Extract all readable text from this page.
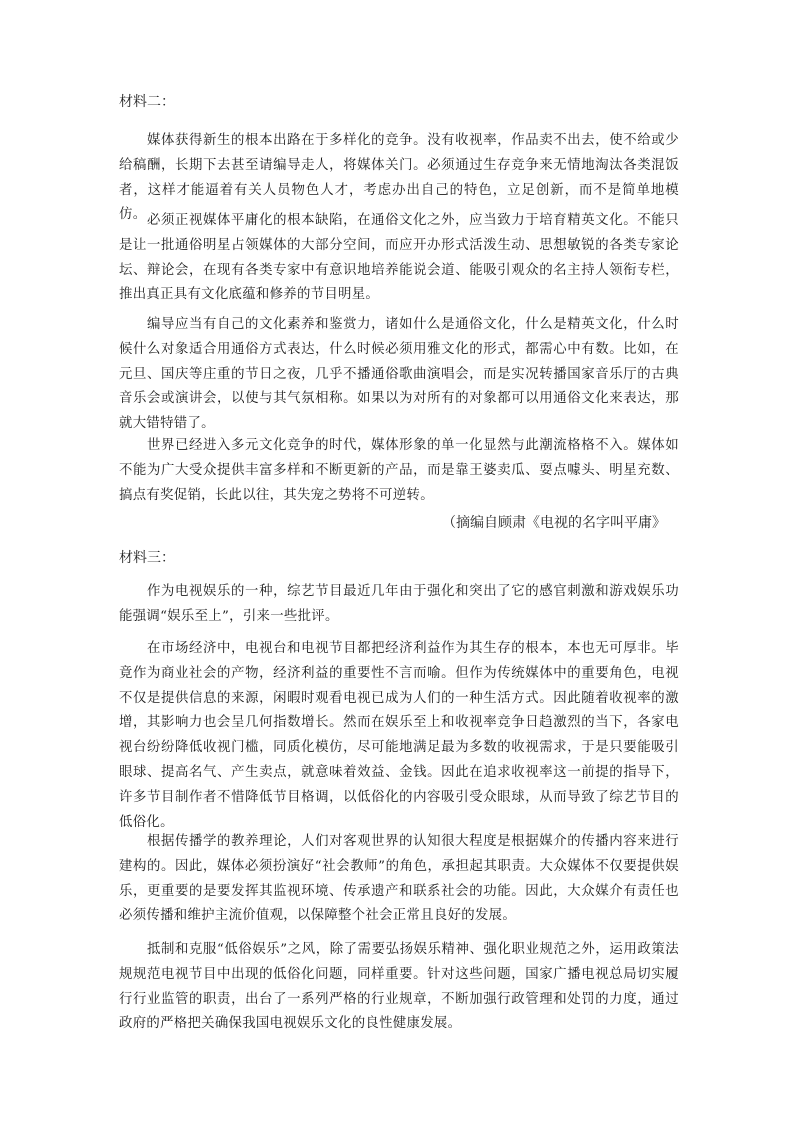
材料二：

媒体获得新生的根本出路在于多样化的竞争。没有收视率，作品卖不出去，使不给或少给稿酬，长期下去甚至请编导走人，将媒体关门。必须通过生存竞争来无情地淘汰各类混饭者，这样才能逼着有关人员物色人才，考虑办出自己的特色，立足创新，而不是简单地模仿。 必须正视媒体平庸化的根本缺陷，在通俗文化之外，应当致力于培育精英文化。不能只是让一批通俗明星占领媒体的大部分空间，而应开办形式活泼生动、思想敏锐的各类专家论坛、辩论会，在现有各类专家中有意识地培养能说会道、能吸引观众的名主持人领衔专栏，推出真正具有文化底蕴和修养的节目明星。

编导应当有自己的文化素养和鉴赏力，诸如什么是通俗文化，什么是精英文化，什么时候什么对象适合用通俗方式表达，什么时候必须用雅文化的形式，都需心中有数。比如，在元旦、国庆等庄重的节日之夜，几乎不播通俗歌曲演唱会，而是实况转播国家音乐厅的古典音乐会或演讲会，以使与其气氛相称。如果以为对所有的对象都可以用通俗文化来表达，那就大错特错了。

世界已经进入多元文化竞争的时代，媒体形象的单一化显然与此潮流格格不入。媒体如不能为广大受众提供丰富多样和不断更新的产品，而是靠王婆卖瓜、耍点噱头、明星充数、搞点有奖促销，长此以往，其失宠之势将不可逆转。

（摘编自顾肃《电视的名字叫平庸》
材料三：

作为电视娱乐的一种，综艺节目最近几年由于强化和突出了它的感官刺激和游戏娱乐功能强调“娱乐至上”，引来一些批评。

在市场经济中，电视台和电视节目都把经济利益作为其生存的根本，本也无可厚非。毕竟作为商业社会的产物，经济利益的重要性不言而喻。但作为传统媒体中的重要角色，电视不仅是提供信息的来源，闲暇时观看电视已成为人们的一种生活方式。因此随着收视率的激增，其影响力也会呈几何指数增长。然而在娱乐至上和收视率竞争日趋激烈的当下，各家电视台纷纷降低收视门槛，同质化模仿，尽可能地满足最为多数的收视需求，于是只要能吸引眼球、提高名气、产生卖点，就意味着效益、金钱。因此在追求收视率这一前提的指导下，许多节目制作者不惜降低节目格调，以低俗化的内容吸引受众眼球，从而导致了综艺节目的低俗化。

根据传播学的教养理论，人们对客观世界的认知很大程度是根据媒介的传播内容来进行建构的。因此，媒体必须扮演好“社会教师”的角色，承担起其职责。大众媒体不仅要提供娱乐，更重要的是要发挥其监视环境、传承遗产和联系社会的功能。因此，大众媒介有责任也必须传播和维护主流价值观，以保障整个社会正常且良好的发展。

抵制和克服“低俗娱乐”之风，除了需要弘扬娱乐精神、强化职业规范之外，运用政策法规规范电视节目中出现的低俗化问题，同样重要。针对这些问题，国家广播电视总局切实履行行业监管的职责，出台了一系列严格的行业规章，不断加强行政管理和处罚的力度，通过政府的严格把关确保我国电视娱乐文化的良性健康发展。
